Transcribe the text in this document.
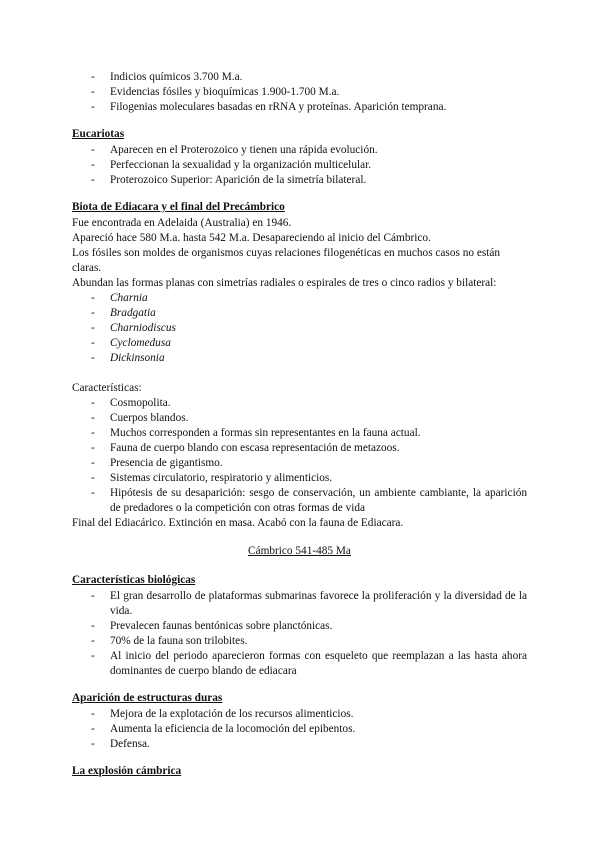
- Indicios químicos 3.700 M.a.
- Evidencias fósiles y bioquímicas 1.900-1.700 M.a.
- Filogenias moleculares basadas en rRNA y proteínas. Aparición temprana.
Eucariotas
- Aparecen en el Proterozoico y tienen una rápida evolución.
- Perfeccionan la sexualidad y la organización multicelular.
- Proterozoico Superior: Aparición de la simetría bilateral.
Biota de Ediacara y el final del Precámbrico

Fue encontrada en Adelaida (Australia) en 1946.

Apareció hace 580 M.a. hasta 542 M.a. Desapareciendo al inicio del Cámbrico.

Los fósiles son moldes de organismos cuyas relaciones filogenéticas en muchos casos no están claras.

Abundan las formas planas con simetrías radiales o espirales de tres o cinco radios y bilateral:

- Charnia
- Bradgatia
- Charniodiscus
- Cyclomedusa
- Dickinsonia

Características:

- Cosmopolita.
- Cuerpos blandos.
- Muchos corresponden a formas sin representantes en la fauna actual.
- Fauna de cuerpo blando con escasa representación de metazoos.
- Presencia de gigantismo.
- Sistemas circulatorio, respiratorio y alimenticios.
- Hipótesis de su desaparición: sesgo de conservación, un ambiente cambiante, la aparición de predadores o la competición con otras formas de vida

Final del Ediacárico. Extinción en masa. Acabó con la fauna de Ediacara.

Cámbrico 541-485 Ma

Características biológicas
- El gran desarrollo de plataformas submarinas favorece la proliferación y la diversidad de la vida.
- Prevalecen faunas bentónicas sobre planctónicas.
- 70% de la fauna son trilobites.
- Al inicio del periodo aparecieron formas con esqueleto que reemplazan a las hasta ahora dominantes de cuerpo blando de ediacara
Aparición de estructuras duras
- Mejora de la explotación de los recursos alimenticios.
- Aumenta la eficiencia de la locomoción del epibentos.
- Defensa.
La explosión cámbrica
